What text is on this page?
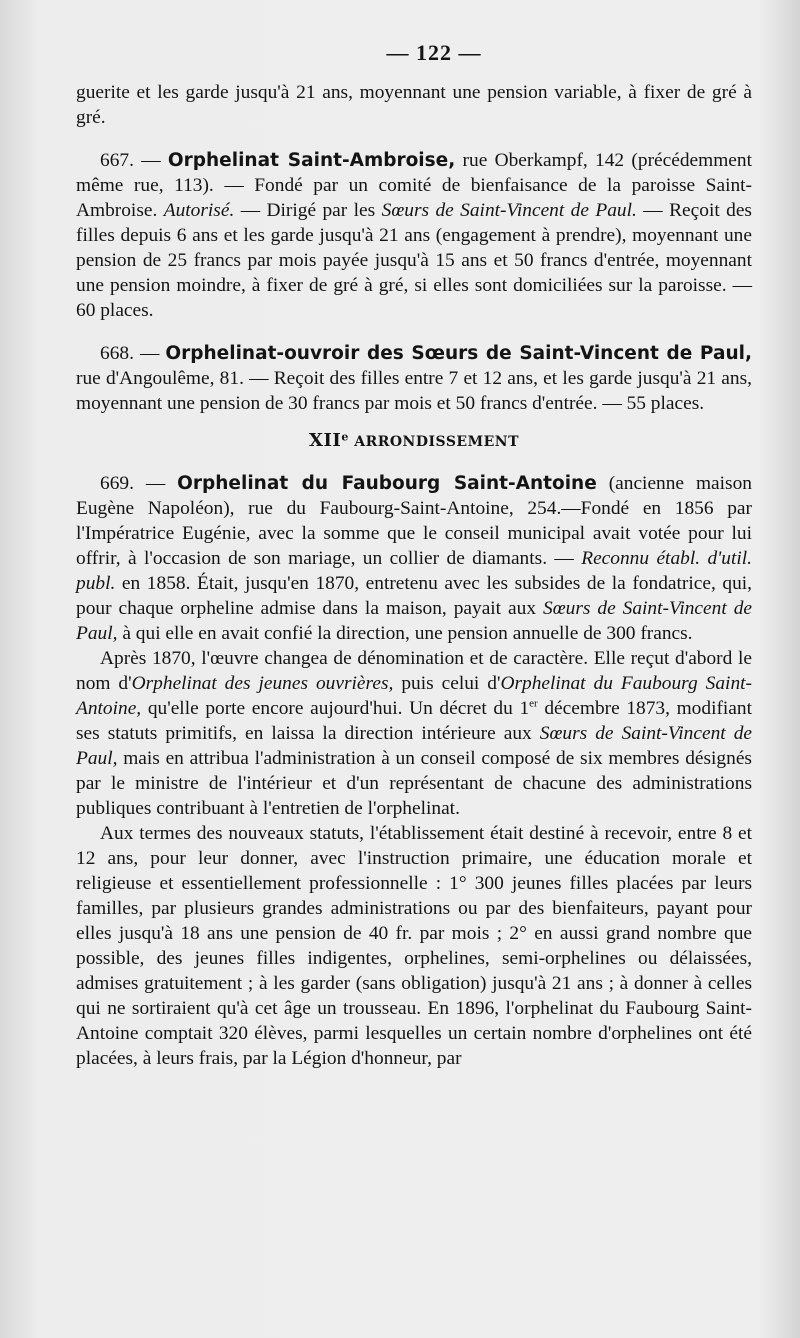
— 122 —

guerite et les garde jusqu'à 21 ans, moyennant une pension variable, à fixer de gré à gré.

667. — Orphelinat Saint-Ambroise, rue Oberkampf, 142 (précédemment même rue, 113). — Fondé par un comité de bienfaisance de la paroisse Saint-Ambroise. Autorisé. — Dirigé par les Sœurs de Saint-Vincent de Paul. — Reçoit des filles depuis 6 ans et les garde jusqu'à 21 ans (engagement à prendre), moyennant une pension de 25 francs par mois payée jusqu'à 15 ans et 50 francs d'entrée, moyennant une pension moindre, à fixer de gré à gré, si elles sont domiciliées sur la paroisse. — 60 places.

668. — Orphelinat-ouvroir des Sœurs de Saint-Vincent de Paul, rue d'Angoulême, 81. — Reçoit des filles entre 7 et 12 ans, et les garde jusqu'à 21 ans, moyennant une pension de 30 francs par mois et 50 francs d'entrée. — 55 places.

XIIe ARRONDISSEMENT

669. — Orphelinat du Faubourg Saint-Antoine (ancienne maison Eugène Napoléon), rue du Faubourg-Saint-Antoine, 254.—Fondé en 1856 par l'Impératrice Eugénie, avec la somme que le conseil municipal avait votée pour lui offrir, à l'occasion de son mariage, un collier de diamants. — Reconnu établ. d'util. publ. en 1858. Était, jusqu'en 1870, entretenu avec les subsides de la fondatrice, qui, pour chaque orpheline admise dans la maison, payait aux Sœurs de Saint-Vincent de Paul, à qui elle en avait confié la direction, une pension annuelle de 300 francs.

Après 1870, l'œuvre changea de dénomination et de caractère. Elle reçut d'abord le nom d'Orphelinat des jeunes ouvrières, puis celui d'Orphelinat du Faubourg Saint-Antoine, qu'elle porte encore aujourd'hui. Un décret du 1er décembre 1873, modifiant ses statuts primitifs, en laissa la direction intérieure aux Sœurs de Saint-Vincent de Paul, mais en attribua l'administration à un conseil composé de six membres désignés par le ministre de l'intérieur et d'un représentant de chacune des administrations publiques contribuant à l'entretien de l'orphelinat.

Aux termes des nouveaux statuts, l'établissement était destiné à recevoir, entre 8 et 12 ans, pour leur donner, avec l'instruction primaire, une éducation morale et religieuse et essentiellement professionnelle : 1° 300 jeunes filles placées par leurs familles, par plusieurs grandes administrations ou par des bienfaiteurs, payant pour elles jusqu'à 18 ans une pension de 40 fr. par mois ; 2° en aussi grand nombre que possible, des jeunes filles indigentes, orphelines, semi-orphelines ou délaissées, admises gratuitement ; à les garder (sans obligation) jusqu'à 21 ans ; à donner à celles qui ne sortiraient qu'à cet âge un trousseau. En 1896, l'orphelinat du Faubourg Saint-Antoine comptait 320 élèves, parmi lesquelles un certain nombre d'orphelines ont été placées, à leurs frais, par la Légion d'honneur, par
